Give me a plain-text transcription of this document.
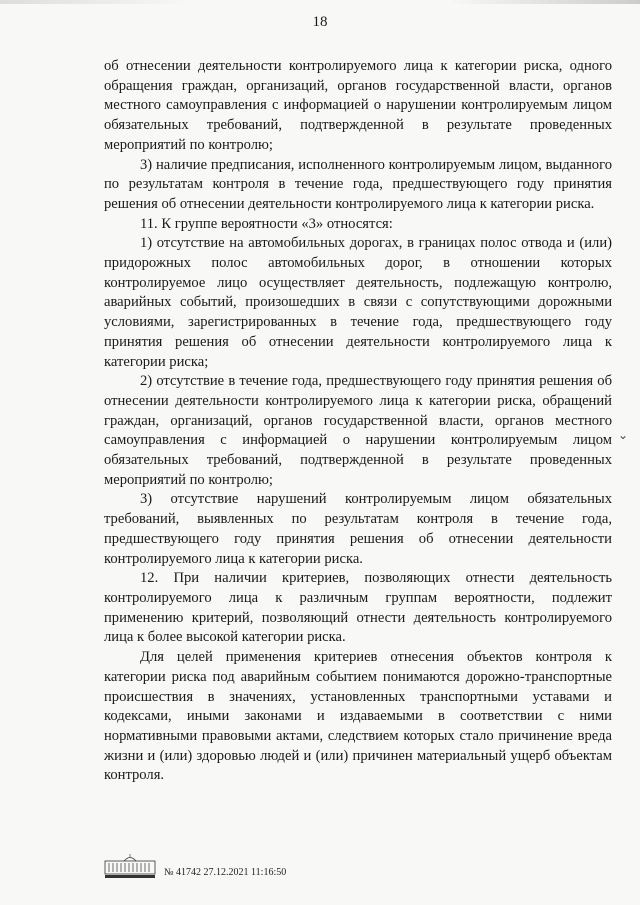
18

об отнесении деятельности контролируемого лица к категории риска, одного обращения граждан, организаций, органов государственной власти, органов местного самоуправления с информацией о нарушении контролируемым лицом обязательных требований, подтвержденной в результате проведенных мероприятий по контролю;

3) наличие предписания, исполненного контролируемым лицом, выданного по результатам контроля в течение года, предшествующего году принятия решения об отнесении деятельности контролируемого лица к категории риска.

11. К группе вероятности «3» относятся:

1) отсутствие на автомобильных дорогах, в границах полос отвода и (или) придорожных полос автомобильных дорог, в отношении которых контролируемое лицо осуществляет деятельность, подлежащую контролю, аварийных событий, произошедших в связи с сопутствующими дорожными условиями, зарегистрированных в течение года, предшествующего году принятия решения об отнесении деятельности контролируемого лица к категории риска;

2) отсутствие в течение года, предшествующего году принятия решения об отнесении деятельности контролируемого лица к категории риска, обращений граждан, организаций, органов государственной власти, органов местного самоуправления с информацией о нарушении контролируемым лицом обязательных требований, подтвержденной в результате проведенных мероприятий по контролю;

3) отсутствие нарушений контролируемым лицом обязательных требований, выявленных по результатам контроля в течение года, предшествующего году принятия решения об отнесении деятельности контролируемого лица к категории риска.

12. При наличии критериев, позволяющих отнести деятельность контролируемого лица к различным группам вероятности, подлежит применению критерий, позволяющий отнести деятельность контролируемого лица к более высокой категории риска.

Для целей применения критериев отнесения объектов контроля к категории риска под аварийным событием понимаются дорожно-транспортные происшествия в значениях, установленных транспортными уставами и кодексами, иными законами и издаваемыми в соответствии с ними нормативными правовыми актами, следствием которых стало причинение вреда жизни и (или) здоровью людей и (или) причинен материальный ущерб объектам контроля.

⌄
№ 41742 27.12.2021 11:16:50
